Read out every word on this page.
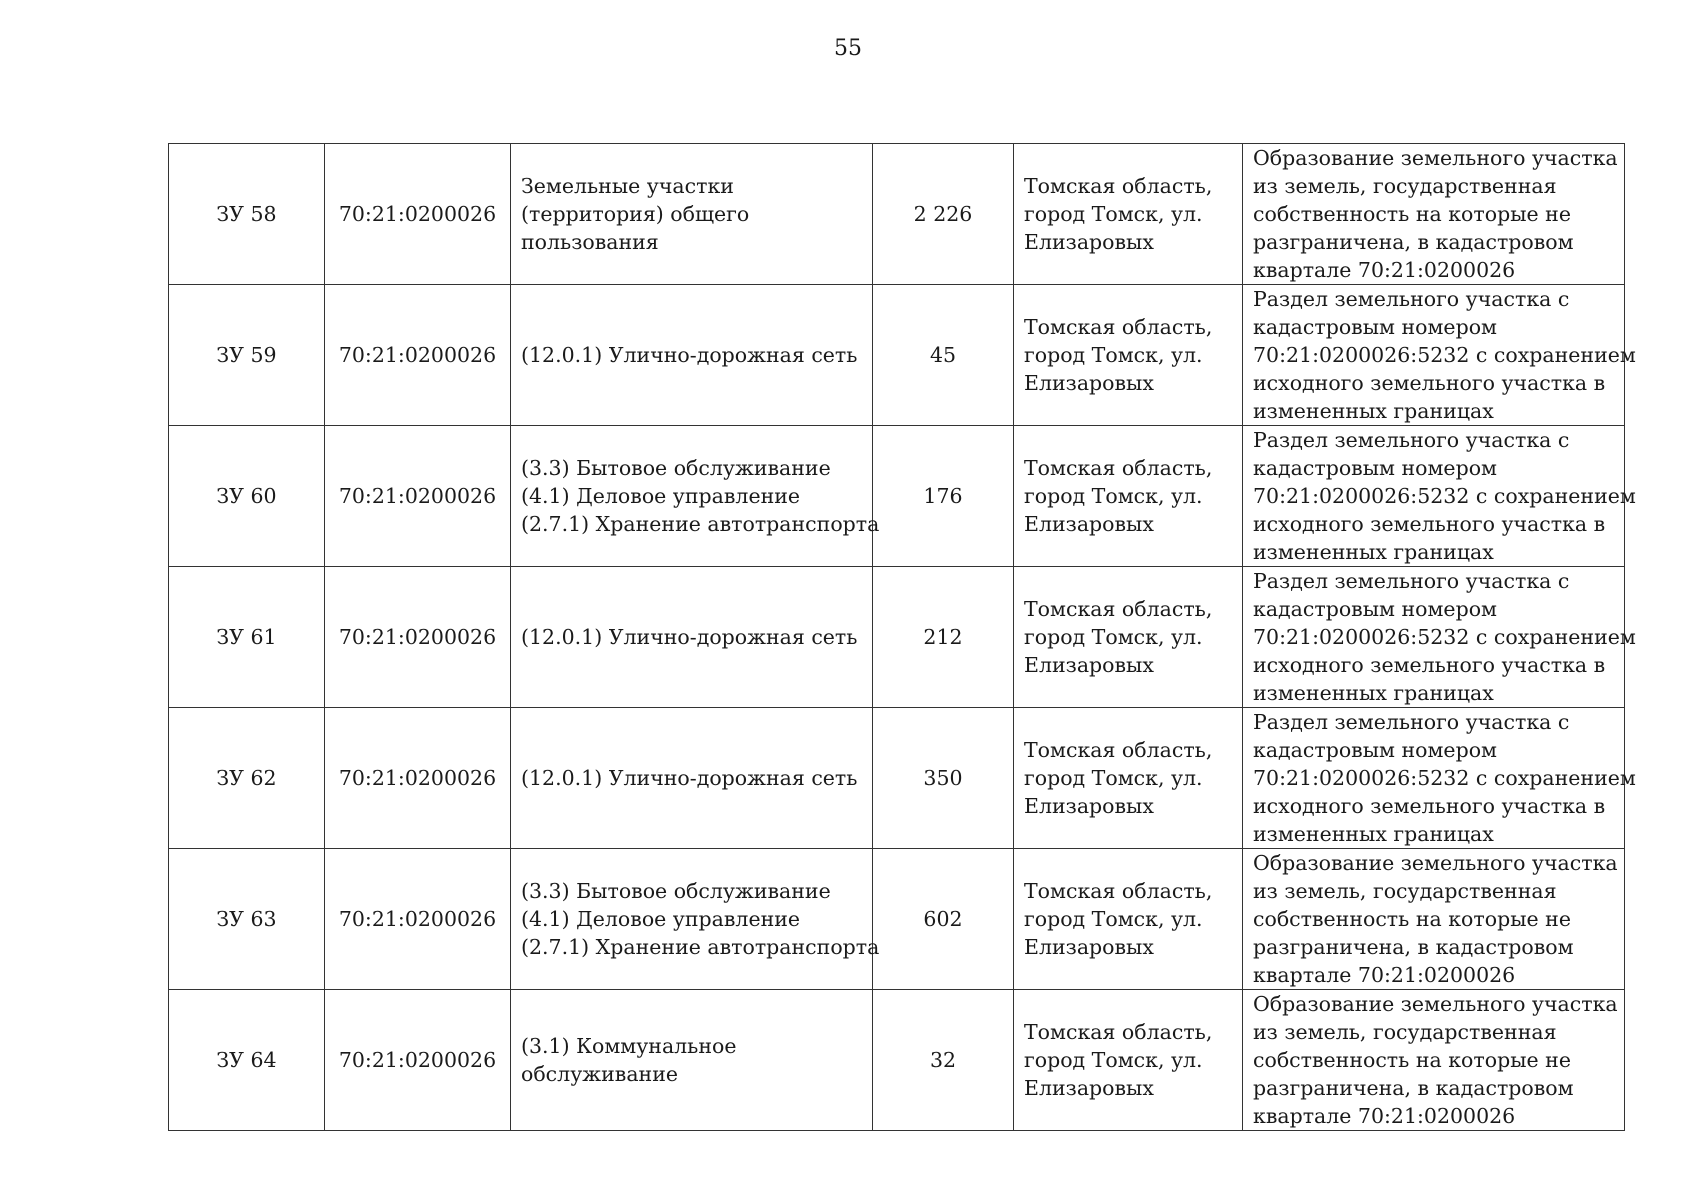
55
ЗУ 58	70:21:0200026	Земельные участки
(территория) общего
пользования	2 226	Томская область,
город Томск, ул.
Елизаровых	Образование земельного участка
из земель, государственная
собственность на которые не
разграничена, в кадастровом
квартале 70:21:0200026

ЗУ 59	70:21:0200026	(12.0.1) Улично-дорожная сеть	45	Томская область,
город Томск, ул.
Елизаровых	Раздел земельного участка с
кадастровым номером
70:21:0200026:5232 с сохранением
исходного земельного участка в
измененных границах

ЗУ 60	70:21:0200026	(3.3) Бытовое обслуживание
(4.1) Деловое управление
(2.7.1) Хранение автотранспорта	176	Томская область,
город Томск, ул.
Елизаровых	Раздел земельного участка с
кадастровым номером
70:21:0200026:5232 с сохранением
исходного земельного участка в
измененных границах

ЗУ 61	70:21:0200026	(12.0.1) Улично-дорожная сеть	212	Томская область,
город Томск, ул.
Елизаровых	Раздел земельного участка с
кадастровым номером
70:21:0200026:5232 с сохранением
исходного земельного участка в
измененных границах

ЗУ 62	70:21:0200026	(12.0.1) Улично-дорожная сеть	350	Томская область,
город Томск, ул.
Елизаровых	Раздел земельного участка с
кадастровым номером
70:21:0200026:5232 с сохранением
исходного земельного участка в
измененных границах

ЗУ 63	70:21:0200026	(3.3) Бытовое обслуживание
(4.1) Деловое управление
(2.7.1) Хранение автотранспорта	602	Томская область,
город Томск, ул.
Елизаровых	Образование земельного участка
из земель, государственная
собственность на которые не
разграничена, в кадастровом
квартале 70:21:0200026

ЗУ 64	70:21:0200026	(3.1) Коммунальное
обслуживание	32	Томская область,
город Томск, ул.
Елизаровых	Образование земельного участка
из земель, государственная
собственность на которые не
разграничена, в кадастровом
квартале 70:21:0200026
